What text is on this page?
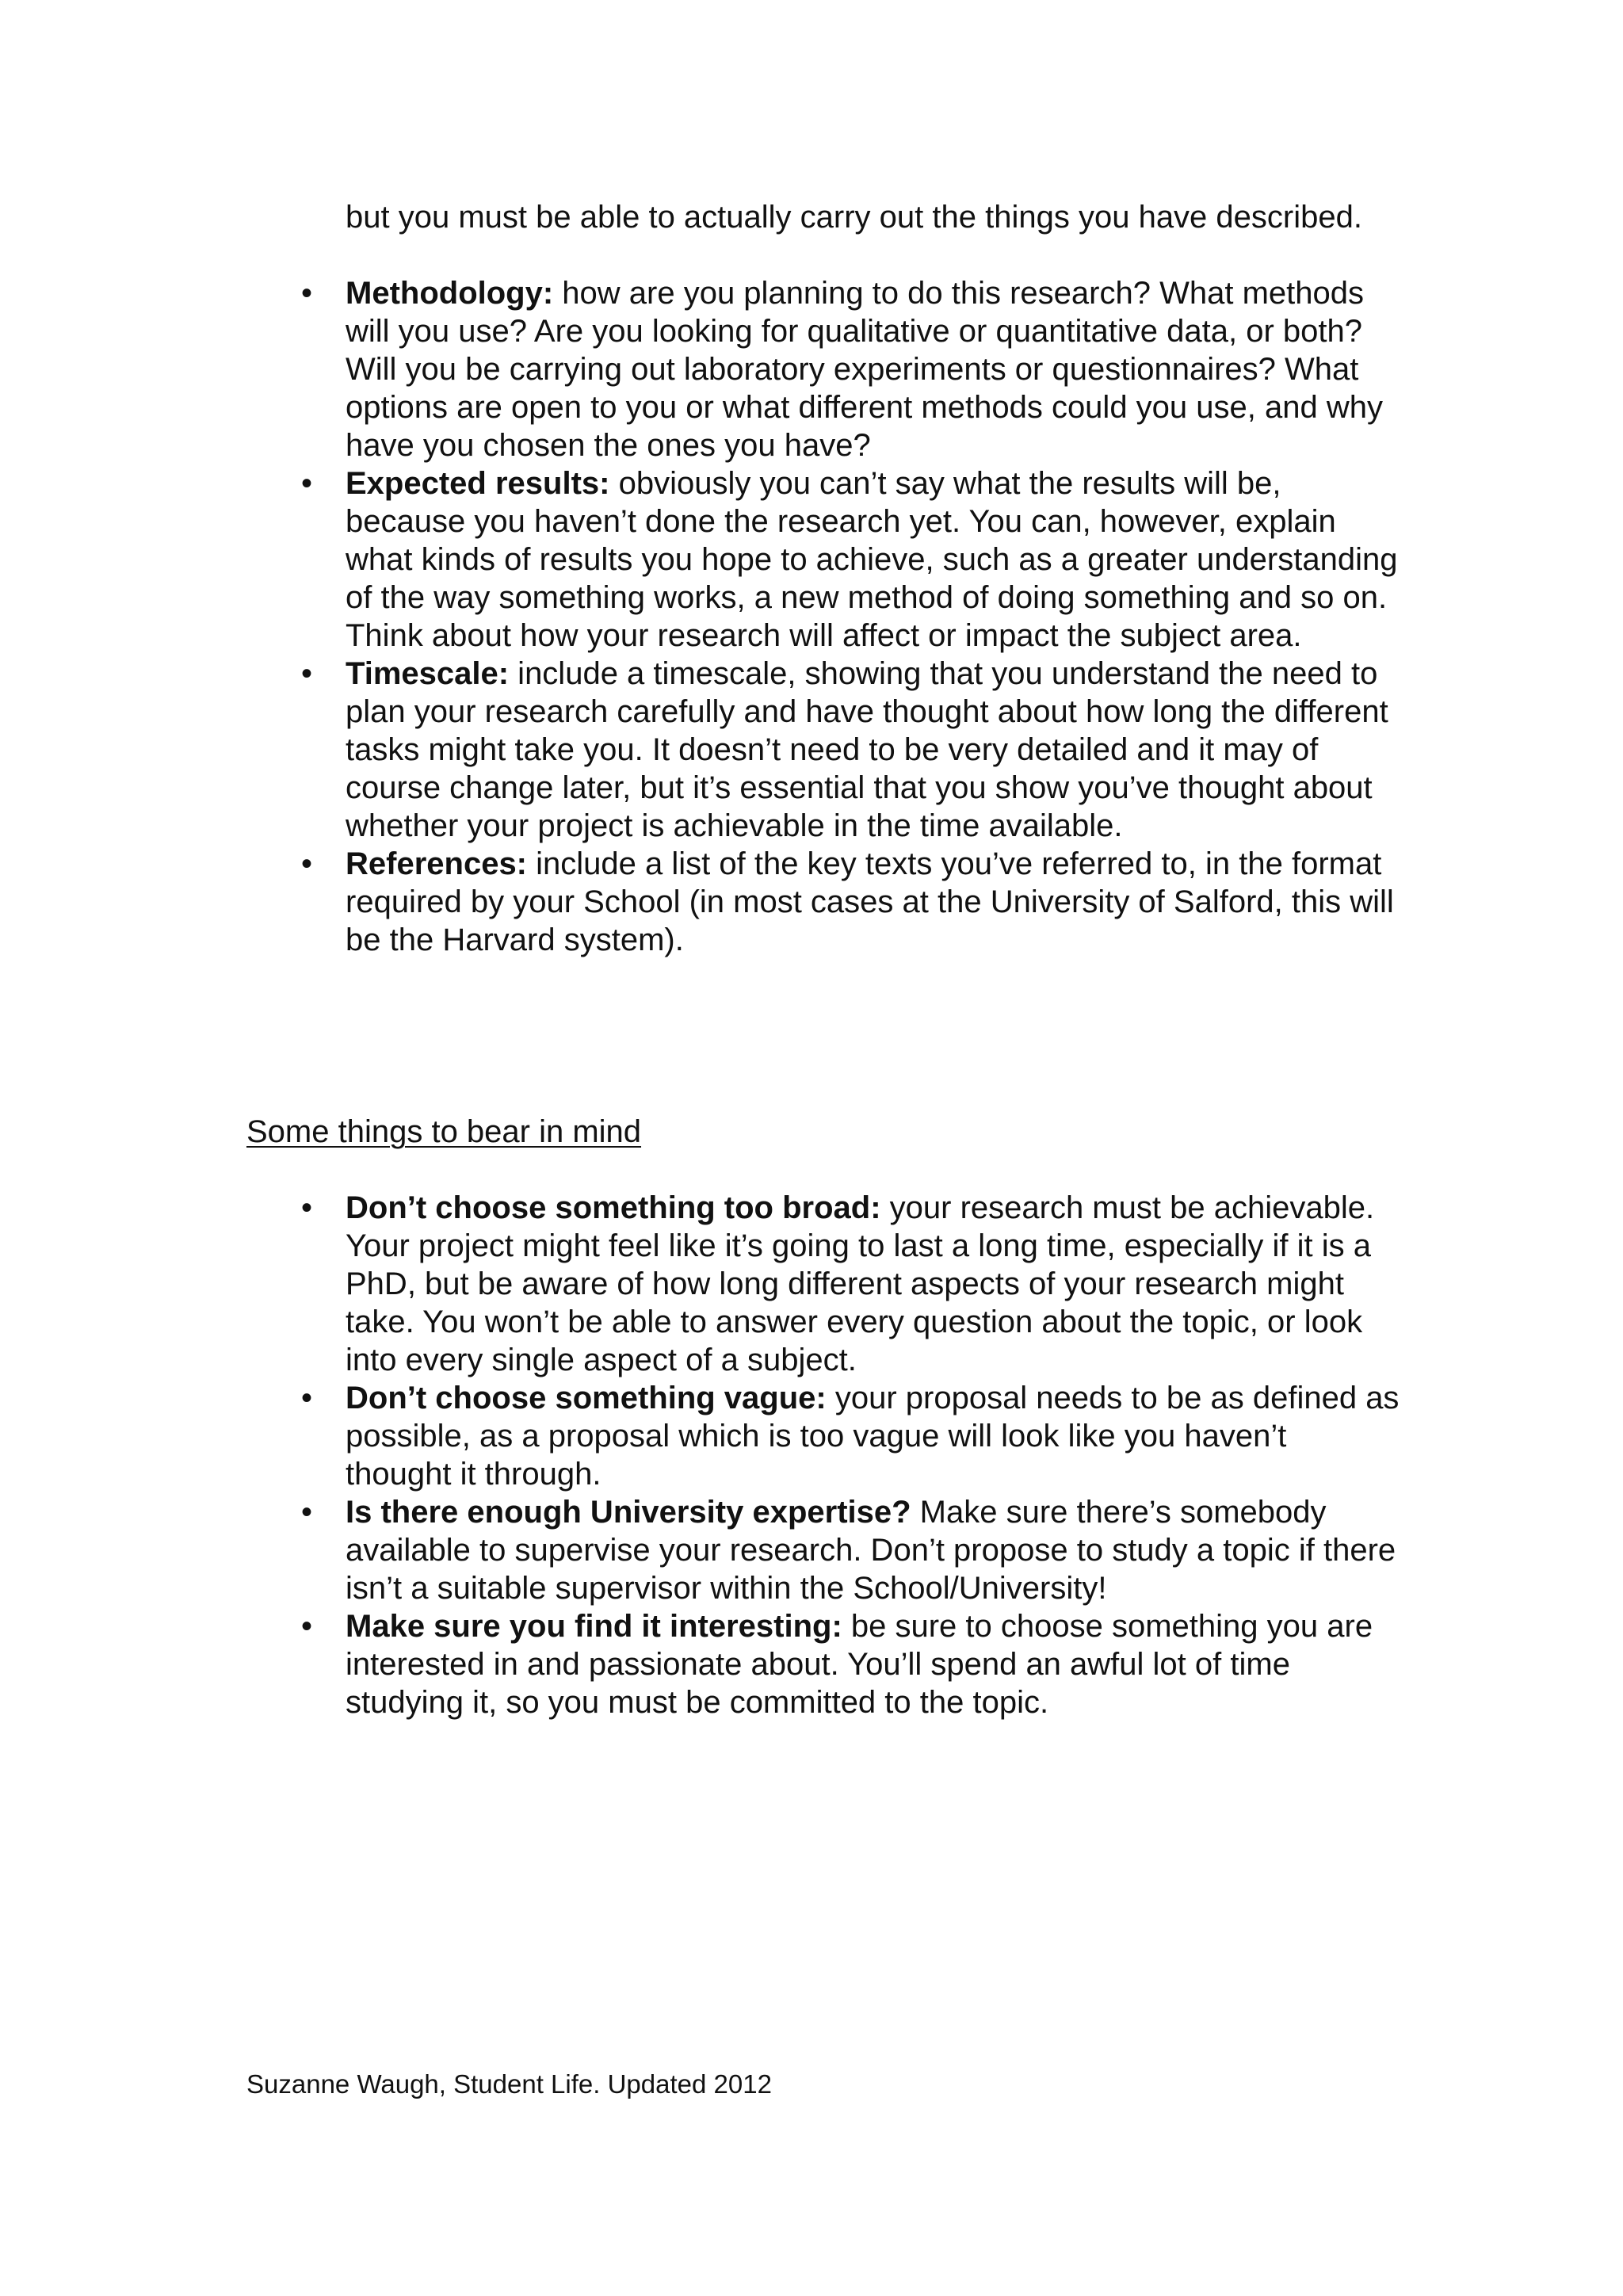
but you must be able to actually carry out the things you have described.
•	Methodology: how are you planning to do this research? What methods will you use? Are you looking for qualitative or quantitative data, or both? Will you be carrying out laboratory experiments or questionnaires? What options are open to you or what different methods could you use, and why have you chosen the ones you have?
•	Expected results: obviously you can’t say what the results will be, because you haven’t done the research yet. You can, however, explain what kinds of results you hope to achieve, such as a greater understanding of the way something works, a new method of doing something and so on. Think about how your research will affect or impact the subject area.
•	Timescale: include a timescale, showing that you understand the need to plan your research carefully and have thought about how long the different tasks might take you. It doesn’t need to be very detailed and it may of course change later, but it’s essential that you show you’ve thought about whether your project is achievable in the time available.
•	References: include a list of the key texts you’ve referred to, in the format required by your School (in most cases at the University of Salford, this will be the Harvard system).
Some things to bear in mind
•	Don’t choose something too broad: your research must be achievable. Your project might feel like it’s going to last a long time, especially if it is a PhD, but be aware of how long different aspects of your research might take. You won’t be able to answer every question about the topic, or look into every single aspect of a subject.
•	Don’t choose something vague: your proposal needs to be as defined as possible, as a proposal which is too vague will look like you haven’t thought it through.
•	Is there enough University expertise? Make sure there’s somebody available to supervise your research. Don’t propose to study a topic if there isn’t a suitable supervisor within the School/University!
•	Make sure you find it interesting: be sure to choose something you are interested in and passionate about. You’ll spend an awful lot of time studying it, so you must be committed to the topic.
Suzanne Waugh, Student Life. Updated 2012
